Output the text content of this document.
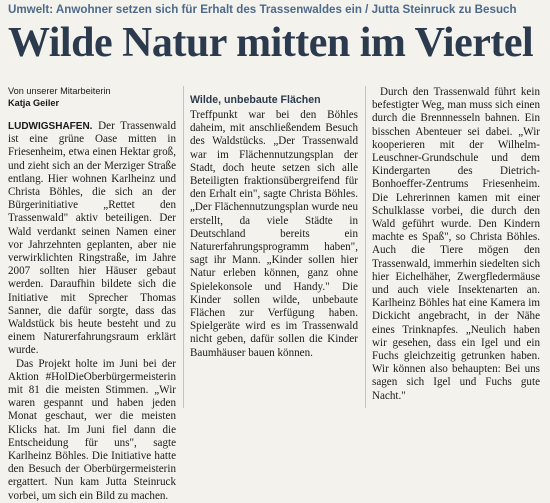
Umwelt: Anwohner setzen sich für Erhalt des Trassenwaldes ein / Jutta Steinruck zu Besuch
Wilde Natur mitten im Viertel
Von unserer Mitarbeiterin
Katja Geiler

LUDWIGSHAFEN. Der Trassenwald ist eine grüne Oase mitten in Friesenheim, etwa einen Hektar groß, und zieht sich an der Merziger Straße entlang. Hier wohnen Karlheinz und Christa Böhles, die sich an der Bürgerinitiative „Rettet den Trassenwald" aktiv beteiligen. Der Wald verdankt seinen Namen einer vor Jahrzehnten geplanten, aber nie verwirklichten Ringstraße, im Jahre 2007 sollten hier Häuser gebaut werden. Daraufhin bildete sich die Initiative mit Sprecher Thomas Sanner, die dafür sorgte, dass das Waldstück bis heute besteht und zu einem Naturerfahrungsraum erklärt wurde.

Das Projekt holte im Juni bei der Aktion #HolDieOberbürgermeisterin mit 81 die meisten Stimmen. „Wir waren gespannt und haben jeden Monat geschaut, wer die meisten Klicks hat. Im Juni fiel dann die Entscheidung für uns", sagte Karlheinz Böhles. Die Initiative hatte den Besuch der Oberbürgermeisterin ergattert. Nun kam Jutta Steinruck vorbei, um sich ein Bild zu machen.

Wilde, unbebaute Flächen

Treffpunkt war bei den Böhles daheim, mit anschließendem Besuch des Waldstücks. „Der Trassenwald war im Flächennutzungsplan der Stadt, doch heute setzen sich alle Beteiligten fraktionsübergreifend für den Erhalt ein", sagte Christa Böhles. „Der Flächennutzungsplan wurde neu erstellt, da viele Städte in Deutschland bereits ein Naturerfahrungsprogramm haben", sagt ihr Mann. „Kinder sollen hier Natur erleben können, ganz ohne Spielekonsole und Handy." Die Kinder sollen wilde, unbebaute Flächen zur Verfügung haben. Spielgeräte wird es im Trassenwald nicht geben, dafür sollen die Kinder Baumhäuser bauen können.

Durch den Trassenwald führt kein befestigter Weg, man muss sich einen durch die Brennnesseln bahnen. Ein bisschen Abenteuer sei dabei. „Wir kooperieren mit der Wilhelm-Leuschner-Grundschule und dem Kindergarten des Dietrich-Bonhoeffer-Zentrums Friesenheim. Die Lehrerinnen kamen mit einer Schulklasse vorbei, die durch den Wald geführt wurde. Den Kindern machte es Spaß", so Christa Böhles. Auch die Tiere mögen den Trassenwald, immerhin siedelten sich hier Eichelhäher, Zwergfledermäuse und auch viele Insektenarten an. Karlheinz Böhles hat eine Kamera im Dickicht angebracht, in der Nähe eines Trinknapfes. „Neulich haben wir gesehen, dass ein Igel und ein Fuchs gleichzeitig getrunken haben. Wir können also behaupten: Bei uns sagen sich Igel und Fuchs gute Nacht."
